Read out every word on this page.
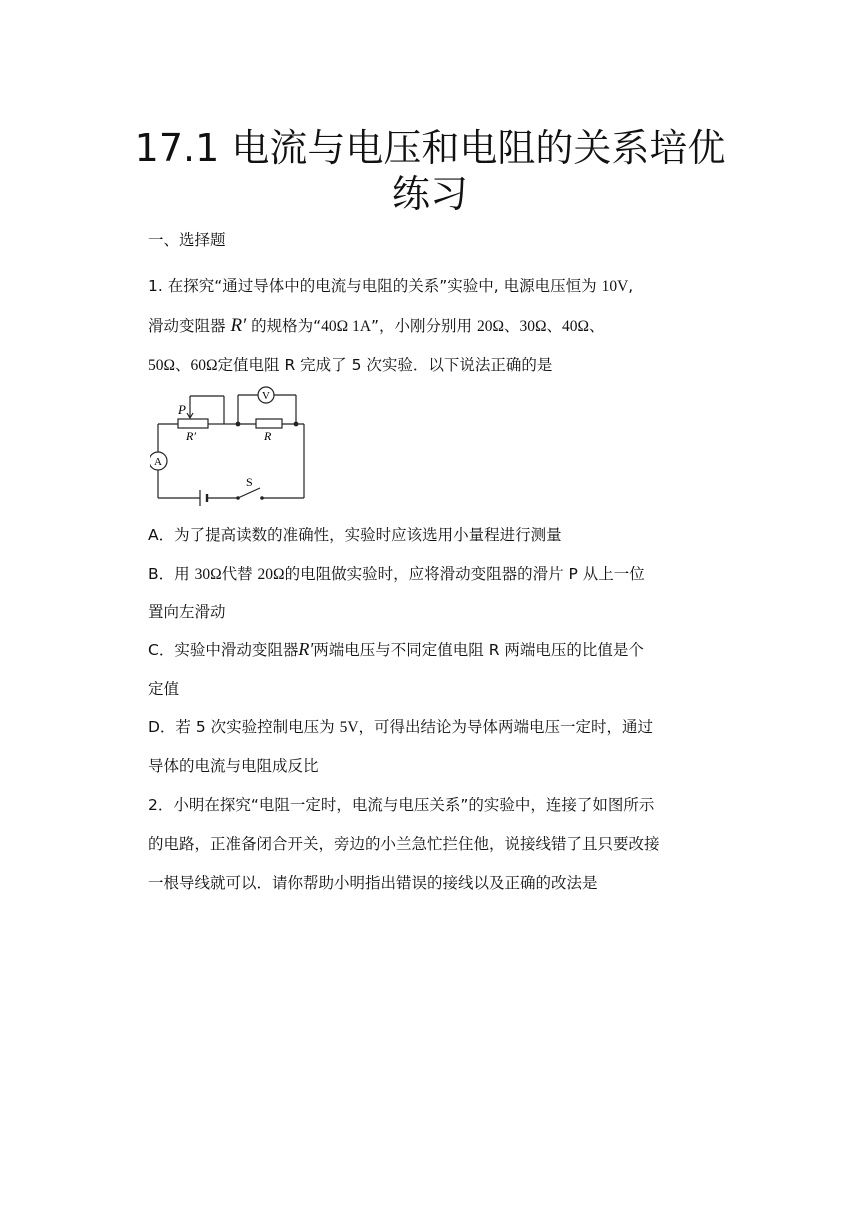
17.1 电流与电压和电阻的关系培优
练习
一、选择题
1. 在探究“通过导体中的电流与电阻的关系”实验中, 电源电压恒为 10V,
滑动变阻器 R′ 的规格为“40Ω 1A”，小刚分别用 20Ω、30Ω、40Ω、
50Ω、60Ω定值电阻 R 完成了 5 次实验．以下说法正确的是
P
R′	R
V
A
S
A．为了提高读数的准确性，实验时应该选用小量程进行测量
B．用 30Ω代替 20Ω的电阻做实验时，应将滑动变阻器的滑片 P 从上一位
置向左滑动
C．实验中滑动变阻器R′两端电压与不同定值电阻 R 两端电压的比值是个
定值
D．若 5 次实验控制电压为 5V，可得出结论为导体两端电压一定时，通过
导体的电流与电阻成反比
2．小明在探究“电阻一定时，电流与电压关系”的实验中，连接了如图所示
的电路，正准备闭合开关，旁边的小兰急忙拦住他，说接线错了且只要改接
一根导线就可以．请你帮助小明指出错误的接线以及正确的改法是
